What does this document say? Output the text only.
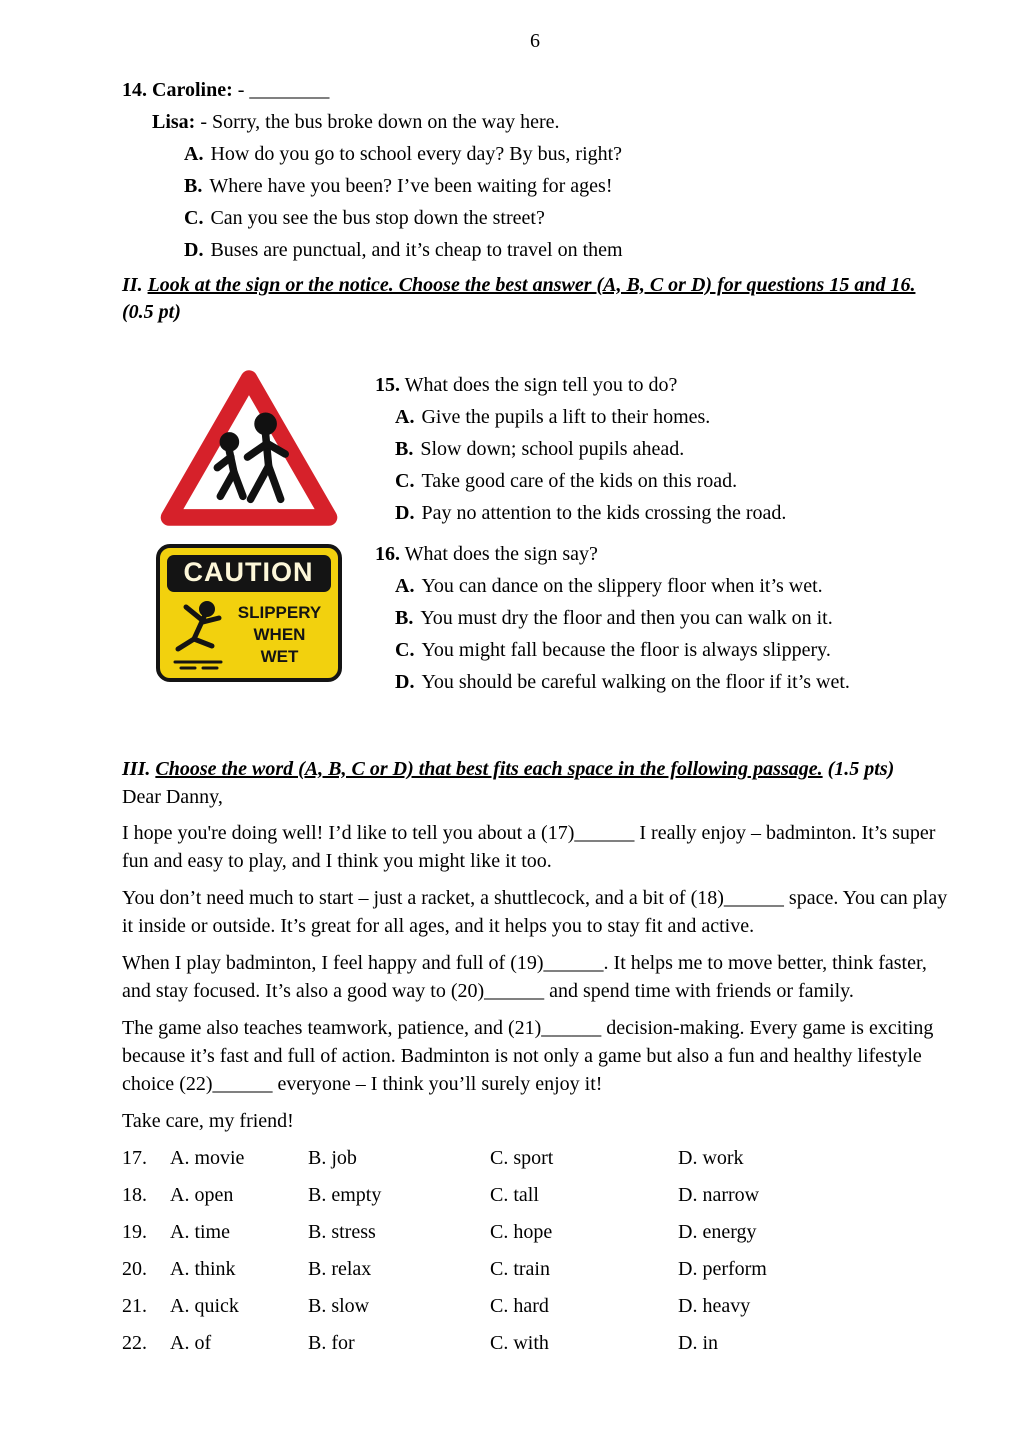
6

14. Caroline: - ________

Lisa: - Sorry, the bus broke down on the way here.

A. How do you go to school every day? By bus, right?

B. Where have you been? I’ve been waiting for ages!

C. Can you see the bus stop down the street?

D. Buses are punctual, and it’s cheap to travel on them

II. Look at the sign or the notice. Choose the best answer (A, B, C or D) for questions 15 and 16.
(0.5 pt)
CAUTION
SLIPPERY
WHEN
WET

15. What does the sign tell you to do?

A. Give the pupils a lift to their homes.

B. Slow down; school pupils ahead.

C. Take good care of the kids on this road.

D. Pay no attention to the kids crossing the road.

16. What does the sign say?

A. You can dance on the slippery floor when it’s wet.

B. You must dry the floor and then you can walk on it.

C. You might fall because the floor is always slippery.

D. You should be careful walking on the floor if it’s wet.

III. Choose the word (A, B, C or D) that best fits each space in the following passage. (1.5 pts)

Dear Danny,

I hope you're doing well! I’d like to tell you about a (17)______ I really enjoy – badminton. It’s super fun and easy to play, and I think you might like it too.

You don’t need much to start – just a racket, a shuttlecock, and a bit of (18)______ space. You can play it inside or outside. It’s great for all ages, and it helps you to stay fit and active.

When I play badminton, I feel happy and full of (19)______. It helps me to move better, think faster, and stay focused. It’s also a good way to (20)______ and spend time with friends or family.

The game also teaches teamwork, patience, and (21)______ decision-making. Every game is exciting because it’s fast and full of action. Badminton is not only a game but also a fun and healthy lifestyle choice (22)______ everyone – I think you’ll surely enjoy it!

Take care, my friend!

17.	A. movie	B. job	C. sport	D. work
18.	A. open	B. empty	C. tall	D. narrow
19.	A. time	B. stress	C. hope	D. energy
20.	A. think	B. relax	C. train	D. perform
21.	A. quick	B. slow	C. hard	D. heavy
22.	A. of	B. for	C. with	D. in
